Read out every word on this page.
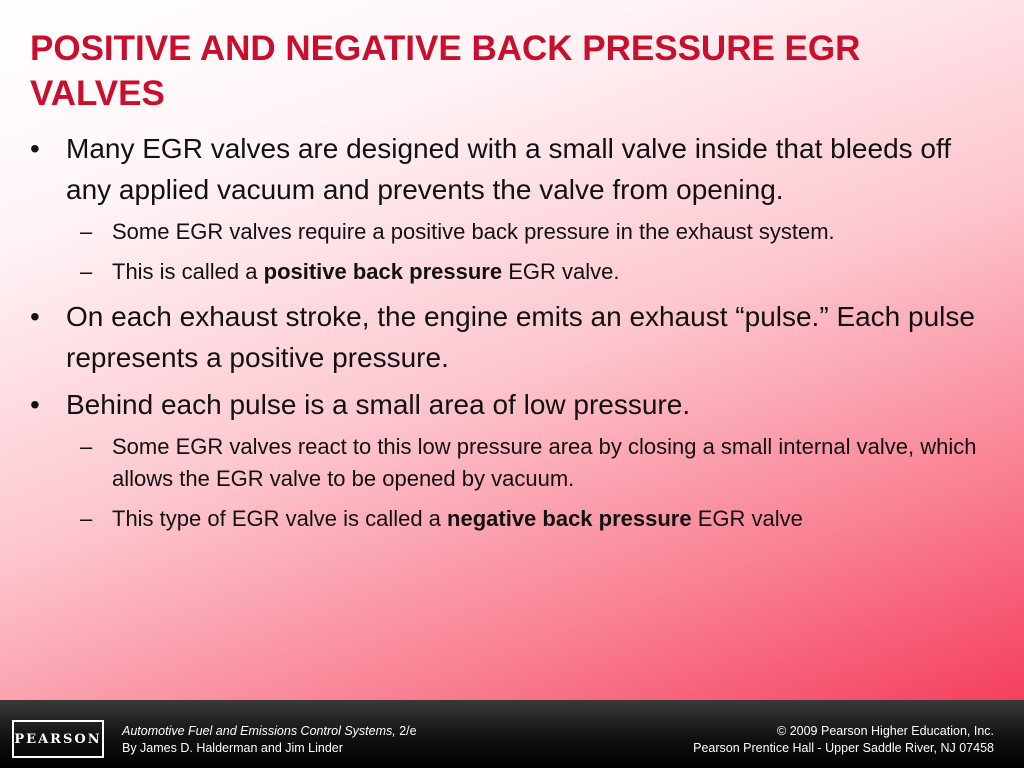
POSITIVE AND NEGATIVE BACK PRESSURE EGR VALVES
• Many EGR valves are designed with a small valve inside that bleeds off any applied vacuum and prevents the valve from opening.
– Some EGR valves require a positive back pressure in the exhaust system.
– This is called a positive back pressure EGR valve.
• On each exhaust stroke, the engine emits an exhaust “pulse.” Each pulse represents a positive pressure.
• Behind each pulse is a small area of low pressure.
– Some EGR valves react to this low pressure area by closing a small internal valve, which allows the EGR valve to be opened by vacuum.
– This type of EGR valve is called a negative back pressure EGR valve
PEARSON
Automotive Fuel and Emissions Control Systems, 2/e
By James D. Halderman and Jim Linder
© 2009 Pearson Higher Education, Inc.
Pearson Prentice Hall - Upper Saddle River, NJ 07458
